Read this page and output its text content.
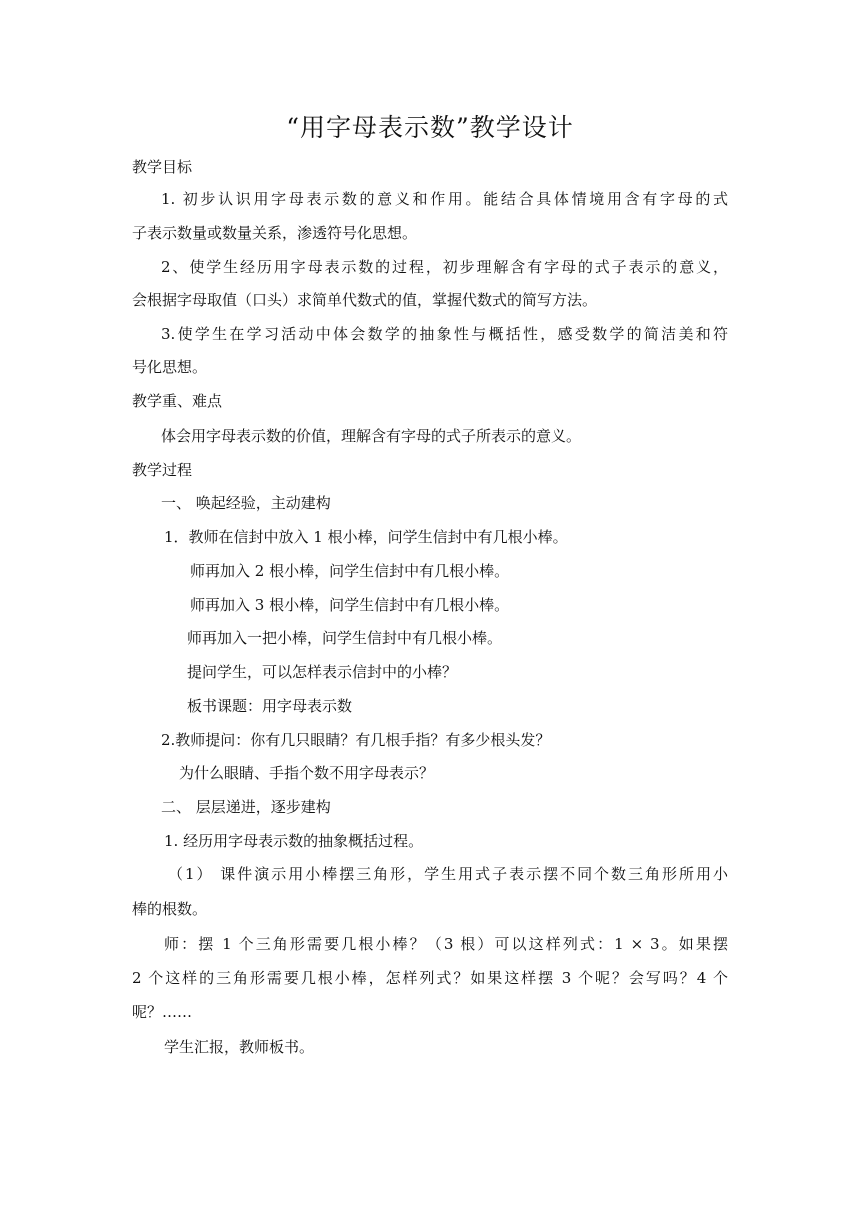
“用字母表示数”教学设计
教学目标
1. 初步认识用字母表示数的意义和作用。能结合具体情境用含有字母的式
子表示数量或数量关系，渗透符号化思想。
2、使学生经历用字母表示数的过程，初步理解含有字母的式子表示的意义，
会根据字母取值（口头）求简单代数式的值，掌握代数式的简写方法。
3.使学生在学习活动中体会数学的抽象性与概括性，感受数学的简洁美和符
号化思想。
教学重、难点
体会用字母表示数的价值，理解含有字母的式子所表示的意义。
教学过程
一、 唤起经验，主动建构
1．教师在信封中放入 1 根小棒，问学生信封中有几根小棒。
师再加入 2 根小棒，问学生信封中有几根小棒。
师再加入 3 根小棒，问学生信封中有几根小棒。
师再加入一把小棒，问学生信封中有几根小棒。
提问学生，可以怎样表示信封中的小棒？
板书课题：用字母表示数
2.教师提问：你有几只眼睛？有几根手指？有多少根头发？
为什么眼睛、手指个数不用字母表示？
二、 层层递进，逐步建构
1. 经历用字母表示数的抽象概括过程。
（1） 课件演示用小棒摆三角形，学生用式子表示摆不同个数三角形所用小
棒的根数。
师：摆 1 个三角形需要几根小棒？（3 根）可以这样列式：1 × 3。如果摆
2 个这样的三角形需要几根小棒，怎样列式？如果这样摆 3 个呢？会写吗？4 个
呢？……
学生汇报，教师板书。
